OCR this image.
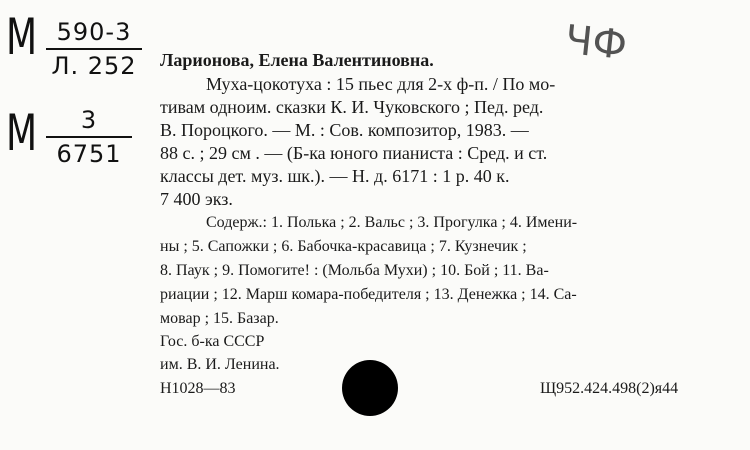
М 590-3
Л. 252
М $\frac{3}{6751}$
ЧФ
Ларионова, Елена Валентиновна.
Муха-цокотуха : 15 пьес для 2-х ф-п. / По мо-
тивам одноим. сказки К. И. Чуковского ; Пед. ред.
В. Пороцкого. — М. : Сов. композитор, 1983. —
88 с. ; 29 см . — (Б-ка юного пианиста : Сред. и ст.
классы дет. муз. шк.). — Н. д. 6171 : 1 р. 40 к.
7 400 экз.
Содерж.: 1. Полька ; 2. Вальс ; 3. Прогулка ; 4. Имени-
ны ; 5. Сапожки ; 6. Бабочка-красавица ; 7. Кузнечик ;
8. Паук ; 9. Помогите! : (Мольба Мухи) ; 10. Бой ; 11. Ва-
риации ; 12. Марш комара-победителя ; 13. Денежка ; 14. Са-
мовар ; 15. Базар.
Гос. б-ка СССР
им. В. И. Ленина.
Н1028—83	Щ952.424.498(2)я44
